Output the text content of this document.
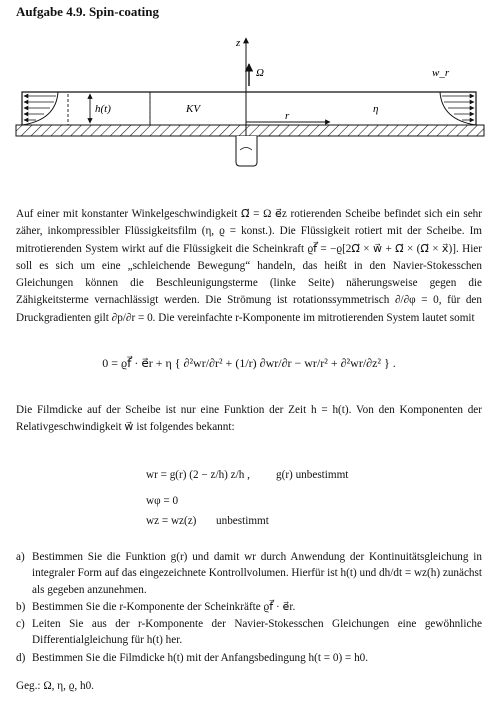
Aufgabe 4.9. Spin-coating
h(t)	KV
z
Ω⃗
r
η
w_r
Auf einer mit konstanter Winkelgeschwindigkeit Ω⃗ = Ω e⃗z rotierenden Scheibe befindet sich ein sehr zäher, inkompressibler Flüssigkeitsfilm (η, ϱ = konst.). Die Flüssigkeit rotiert mit der Scheibe. Im mitrotierenden System wirkt auf die Flüssigkeit die Scheinkraft ϱf⃗ = −ϱ[2Ω⃗ × w⃗ + Ω⃗ × (Ω⃗ × x⃗)]. Hier soll es sich um eine „schleichende Bewegung“ handeln, das heißt in den Navier-Stokesschen Gleichungen können die Beschleunigungsterme (linke Seite) näherungsweise gegen die Zähigkeitsterme vernachlässigt werden. Die Strömung ist rotationssymmetrisch ∂/∂φ = 0, für den Druckgradienten gilt ∂p/∂r = 0. Die vereinfachte r-Komponente im mitrotierenden System lautet somit
0 = ϱf⃗ · e⃗r + η { ∂²wr/∂r² + (1/r) ∂wr/∂r − wr/r² + ∂²wr/∂z² } .
Die Filmdicke auf der Scheibe ist nur eine Funktion der Zeit h = h(t). Von den Komponenten der Relativgeschwindigkeit w⃗ ist folgendes bekannt:
wr = g(r) (2 − z/h) z/h , g(r) unbestimmt
wφ = 0
wz = wz(z) unbestimmt
a) Bestimmen Sie die Funktion g(r) und damit wr durch Anwendung der Kontinuitätsgleichung in integraler Form auf das eingezeichnete Kontrollvolumen. Hierfür ist h(t) und dh/dt = wz(h) zunächst als gegeben anzunehmen.
b) Bestimmen Sie die r-Komponente der Scheinkräfte ϱf⃗ · e⃗r.
c) Leiten Sie aus der r-Komponente der Navier-Stokesschen Gleichungen eine gewöhnliche Differentialgleichung für h(t) her.
d) Bestimmen Sie die Filmdicke h(t) mit der Anfangsbedingung h(t = 0) = h0.
Geg.: Ω, η, ϱ, h0.
